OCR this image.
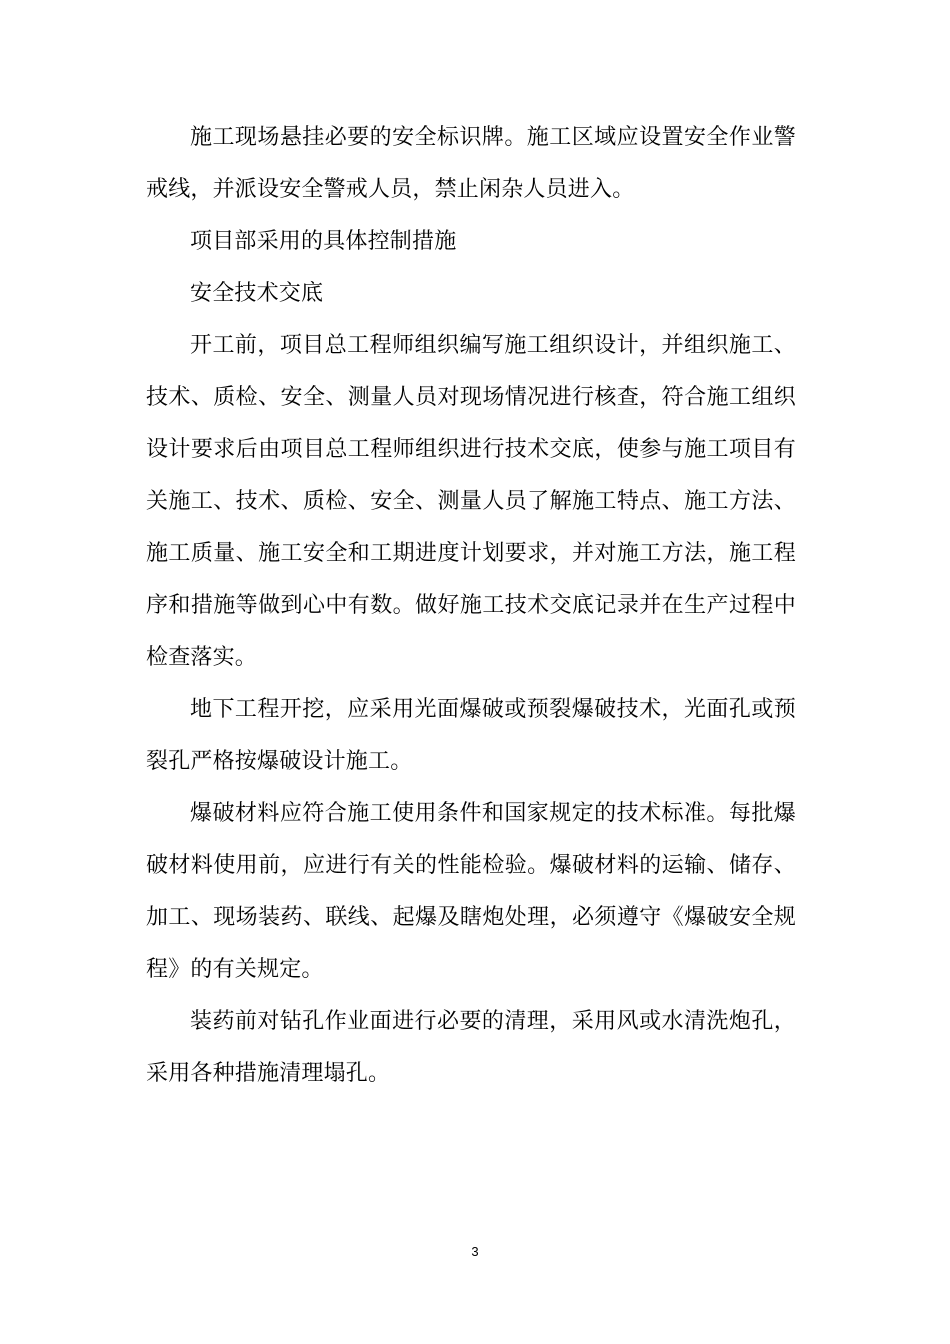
施工现场悬挂必要的安全标识牌。施工区域应设置安全作业警戒线，并派设安全警戒人员，禁止闲杂人员进入。

项目部采用的具体控制措施

安全技术交底

开工前，项目总工程师组织编写施工组织设计，并组织施工、技术、质检、安全、测量人员对现场情况进行核查，符合施工组织设计要求后由项目总工程师组织进行技术交底，使参与施工项目有关施工、技术、质检、安全、测量人员了解施工特点、施工方法、施工质量、施工安全和工期进度计划要求，并对施工方法，施工程序和措施等做到心中有数。做好施工技术交底记录并在生产过程中检查落实。

地下工程开挖，应采用光面爆破或预裂爆破技术，光面孔或预裂孔严格按爆破设计施工。

爆破材料应符合施工使用条件和国家规定的技术标准。每批爆破材料使用前，应进行有关的性能检验。爆破材料的运输、储存、加工、现场装药、联线、起爆及瞎炮处理，必须遵守《爆破安全规程》的有关规定。

装药前对钻孔作业面进行必要的清理，采用风或水清洗炮孔，采用各种措施清理塌孔。

3
